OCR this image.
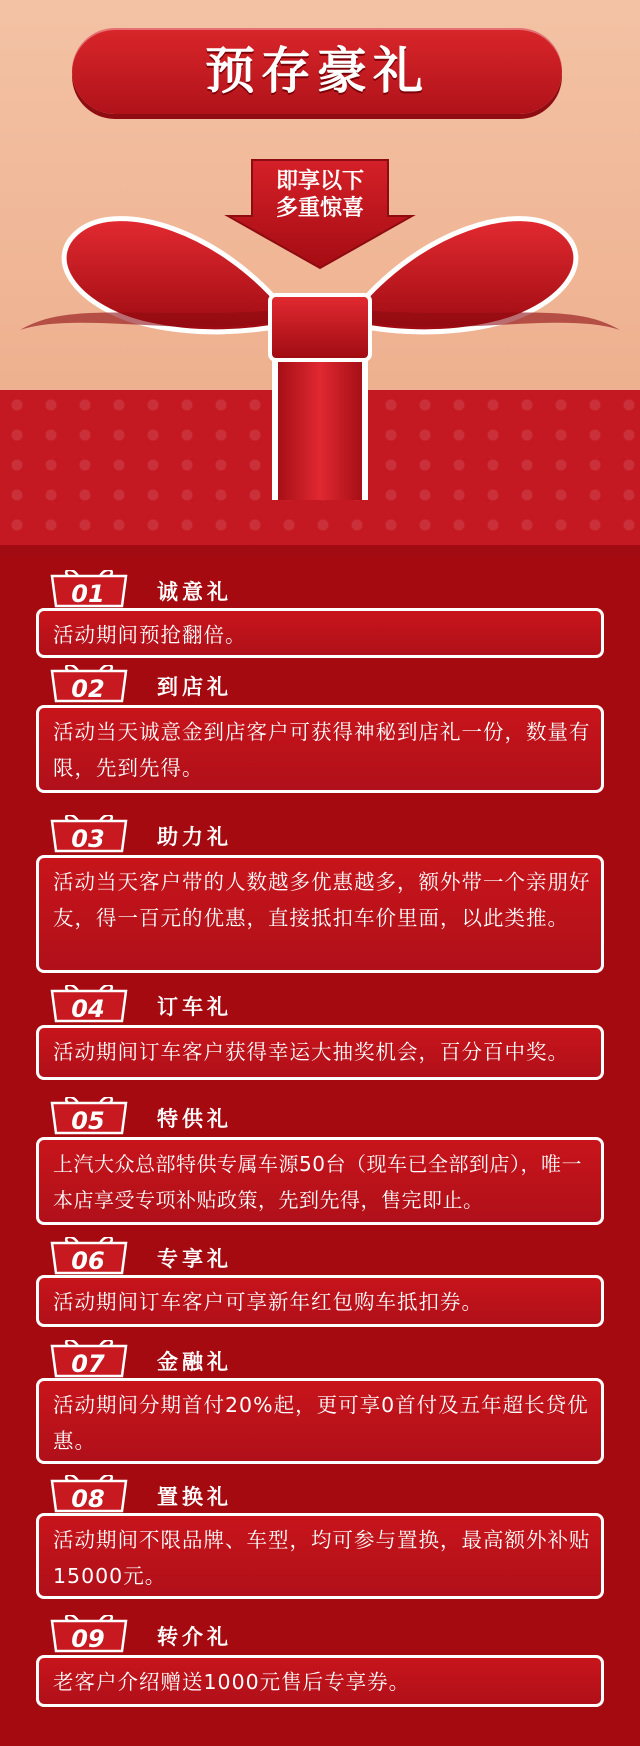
预存豪礼
即享以下
多重惊喜
01	诚意礼
活动期间预抢翻倍。
02	到店礼
活动当天诚意金到店客户可获得神秘到店礼一份，数量有限，先到先得。
03	助力礼
活动当天客户带的人数越多优惠越多，额外带一个亲朋好友，得一百元的优惠，直接抵扣车价里面，以此类推。
04	订车礼
活动期间订车客户获得幸运大抽奖机会，百分百中奖。
05	特供礼
上汽大众总部特供专属车源50台（现车已全部到店），唯一本店享受专项补贴政策，先到先得，售完即止。
06	专享礼
活动期间订车客户可享新年红包购车抵扣券。
07	金融礼
活动期间分期首付20%起，更可享0首付及五年超长贷优惠。
08	置换礼
活动期间不限品牌、车型，均可参与置换，最高额外补贴15000元。
09	转介礼
老客户介绍赠送1000元售后专享券。
